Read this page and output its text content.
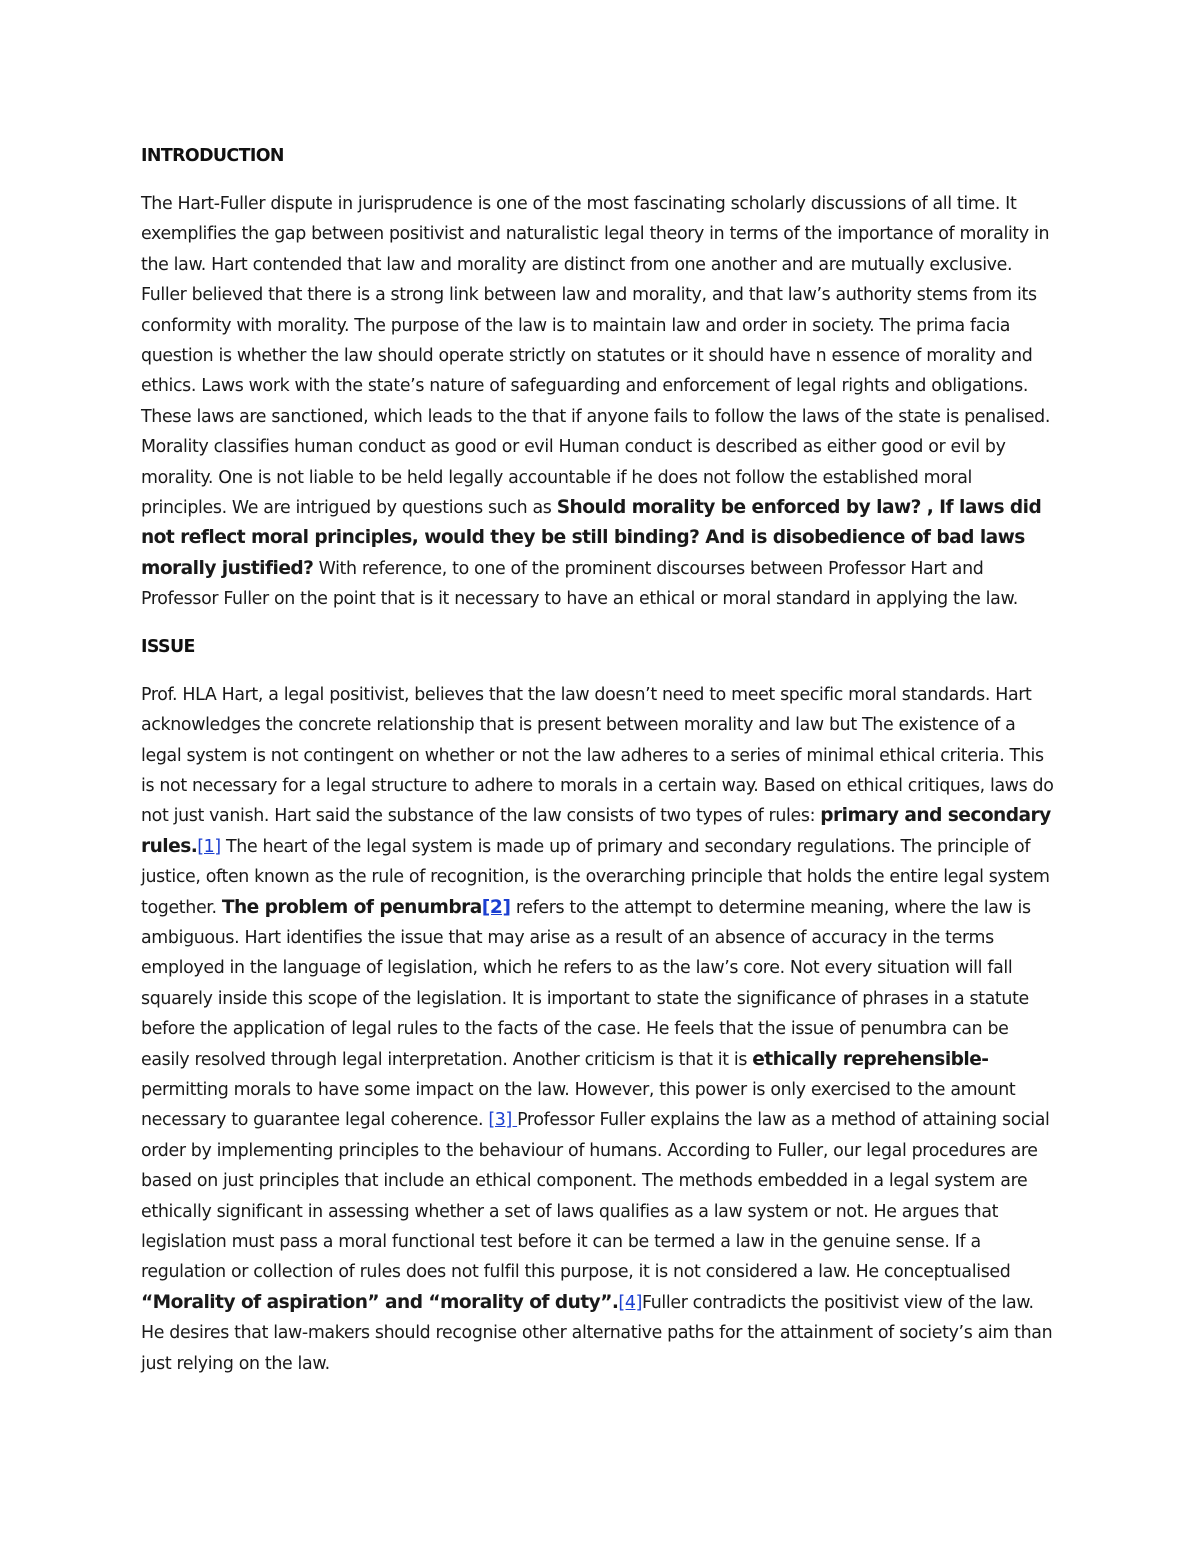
INTRODUCTION

The Hart-Fuller dispute in jurisprudence is one of the most fascinating scholarly discussions of all time. It exemplifies the gap between positivist and naturalistic legal theory in terms of the importance of morality in the law. Hart contended that law and morality are distinct from one another and are mutually exclusive. Fuller believed that there is a strong link between law and morality, and that law’s authority stems from its conformity with morality. The purpose of the law is to maintain law and order in society. The prima facia question is whether the law should operate strictly on statutes or it should have n essence of morality and ethics. Laws work with the state’s nature of safeguarding and enforcement of legal rights and obligations. These laws are sanctioned, which leads to the that if anyone fails to follow the laws of the state is penalised. Morality classifies human conduct as good or evil Human conduct is described as either good or evil by morality. One is not liable to be held legally accountable if he does not follow the established moral principles. We are intrigued by questions such as Should morality be enforced by law? , If laws did not reflect moral principles, would they be still binding? And is disobedience of bad laws morally justified? With reference, to one of the prominent discourses between Professor Hart and Professor Fuller on the point that is it necessary to have an ethical or moral standard in applying the law.

ISSUE

Prof. HLA Hart, a legal positivist, believes that the law doesn’t need to meet specific moral standards. Hart acknowledges the concrete relationship that is present between morality and law but The existence of a legal system is not contingent on whether or not the law adheres to a series of minimal ethical criteria. This is not necessary for a legal structure to adhere to morals in a certain way. Based on ethical critiques, laws do not just vanish. Hart said the substance of the law consists of two types of rules: primary and secondary rules.[1] The heart of the legal system is made up of primary and secondary regulations. The principle of justice, often known as the rule of recognition, is the overarching principle that holds the entire legal system together. The problem of penumbra[2] refers to the attempt to determine meaning, where the law is ambiguous. Hart identifies the issue that may arise as a result of an absence of accuracy in the terms employed in the language of legislation, which he refers to as the law’s core. Not every situation will fall squarely inside this scope of the legislation. It is important to state the significance of phrases in a statute before the application of legal rules to the facts of the case. He feels that the issue of penumbra can be easily resolved through legal interpretation. Another criticism is that it is ethically reprehensible-permitting morals to have some impact on the law. However, this power is only exercised to the amount necessary to guarantee legal coherence. [3] Professor Fuller explains the law as a method of attaining social order by implementing principles to the behaviour of humans. According to Fuller, our legal procedures are based on just principles that include an ethical component. The methods embedded in a legal system are ethically significant in assessing whether a set of laws qualifies as a law system or not. He argues that legislation must pass a moral functional test before it can be termed a law in the genuine sense. If a regulation or collection of rules does not fulfil this purpose, it is not considered a law. He conceptualised “Morality of aspiration” and “morality of duty”.[4]Fuller contradicts the positivist view of the law. He desires that law-makers should recognise other alternative paths for the attainment of society’s aim than just relying on the law.
